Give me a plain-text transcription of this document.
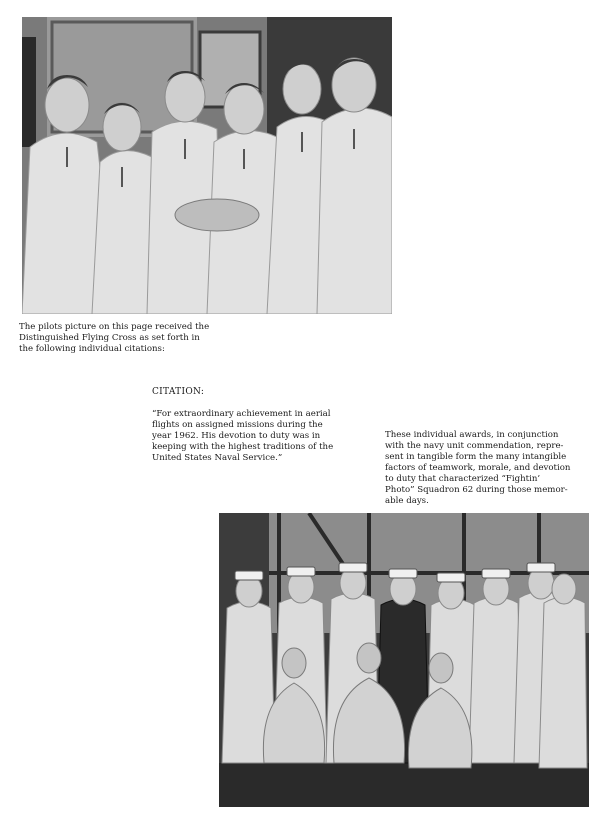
The pilots picture on this page received the
Distinguished Flying Cross as set forth in
the following individual citations:

CITATION:

“For extraordinary achievement in aerial
flights on assigned missions during the
year 1962. His devotion to duty was in
keeping with the highest traditions of the
United States Naval Service.”

These individual awards, in conjunction
with the navy unit commendation, repre-
sent in tangible form the many intangible
factors of teamwork, morale, and devotion
to duty that characterized “Fightin’
Photo” Squadron 62 during those memor-
able days.
